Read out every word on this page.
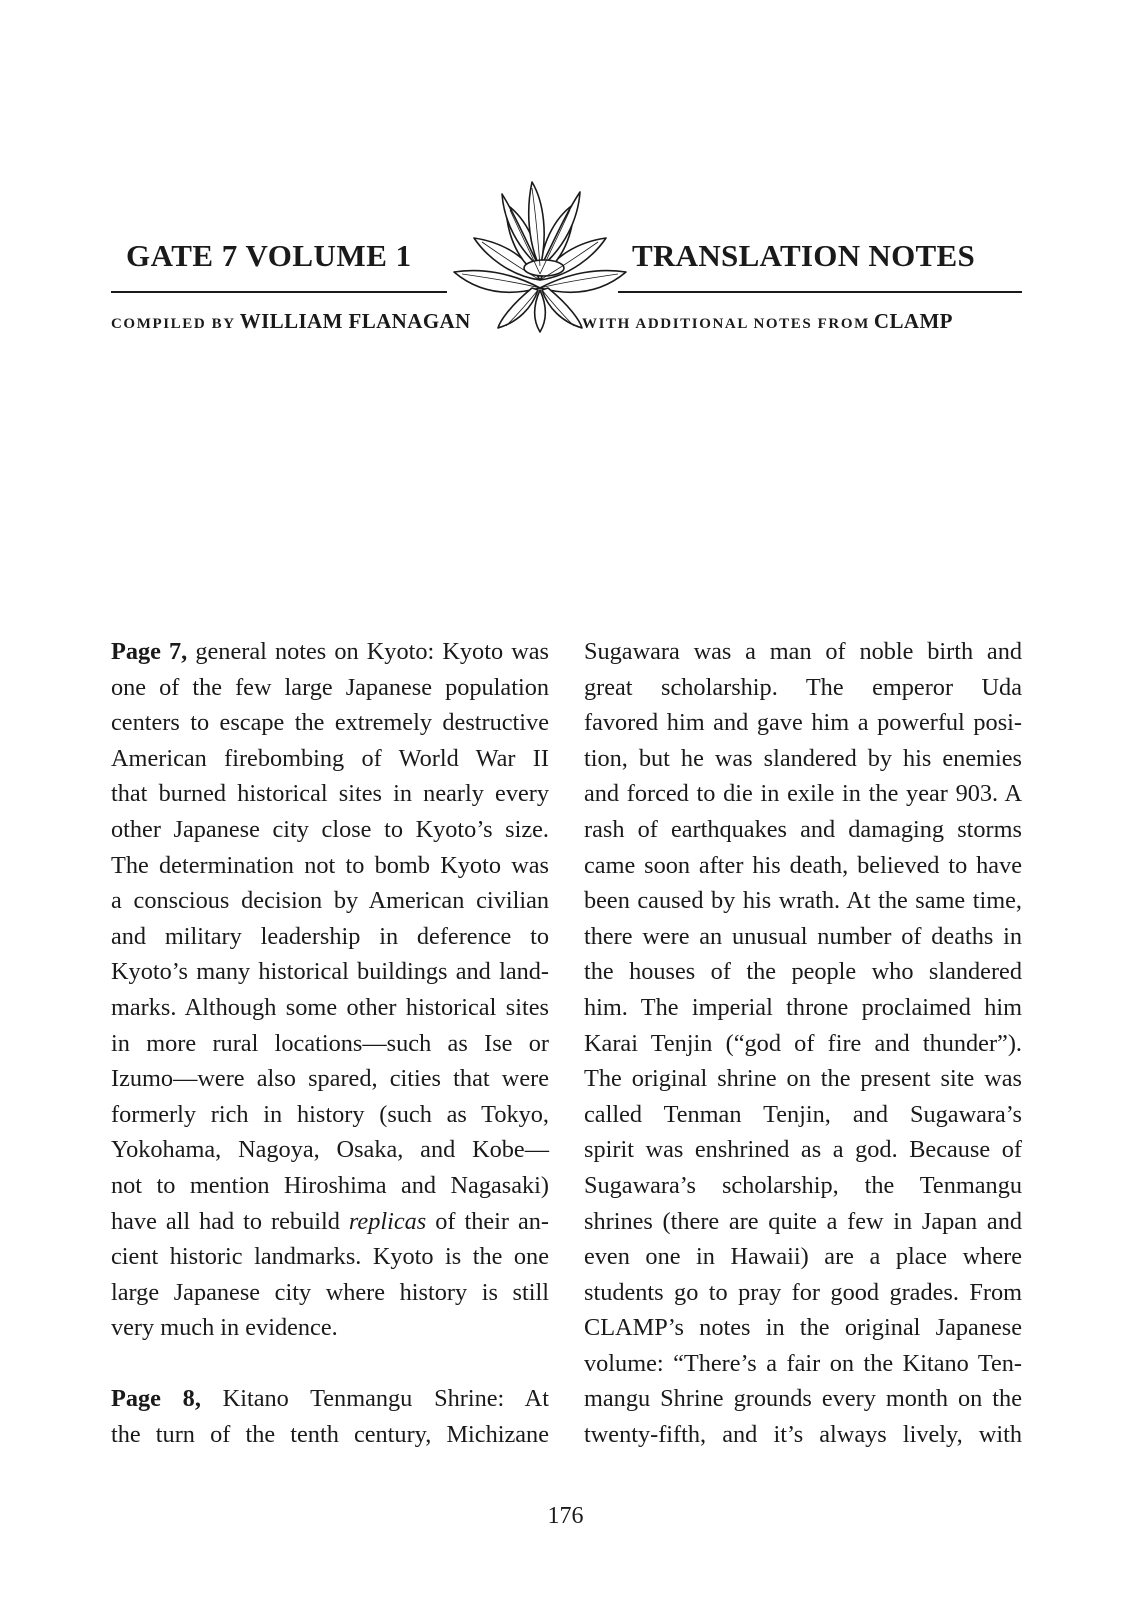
GATE 7 VOLUME 1	TRANSLATION NOTES
COMPILED BY WILLIAM FLANAGAN	WITH ADDITIONAL NOTES FROM CLAMP
Page 7, general notes on Kyoto: Kyoto was
one of the few large Japanese population
centers to escape the extremely destructive
American firebombing of World War II
that burned historical sites in nearly every
other Japanese city close to Kyoto’s size.
The determination not to bomb Kyoto was
a conscious decision by American civilian
and military leadership in deference to
Kyoto’s many historical buildings and land-
marks. Although some other historical sites
in more rural locations—such as Ise or
Izumo—were also spared, cities that were
formerly rich in history (such as Tokyo,
Yokohama, Nagoya, Osaka, and Kobe—
not to mention Hiroshima and Nagasaki)
have all had to rebuild replicas of their an-
cient historic landmarks. Kyoto is the one
large Japanese city where history is still
very much in evidence.
Page 8, Kitano Tenmangu Shrine: At
the turn of the tenth century, Michizane
Sugawara was a man of noble birth and
great scholarship. The emperor Uda
favored him and gave him a powerful posi-
tion, but he was slandered by his enemies
and forced to die in exile in the year 903. A
rash of earthquakes and damaging storms
came soon after his death, believed to have
been caused by his wrath. At the same time,
there were an unusual number of deaths in
the houses of the people who slandered
him. The imperial throne proclaimed him
Karai Tenjin (“god of fire and thunder”).
The original shrine on the present site was
called Tenman Tenjin, and Sugawara’s
spirit was enshrined as a god. Because of
Sugawara’s scholarship, the Tenmangu
shrines (there are quite a few in Japan and
even one in Hawaii) are a place where
students go to pray for good grades. From
CLAMP’s notes in the original Japanese
volume: “There’s a fair on the Kitano Ten-
mangu Shrine grounds every month on the
twenty-fifth, and it’s always lively, with
176
